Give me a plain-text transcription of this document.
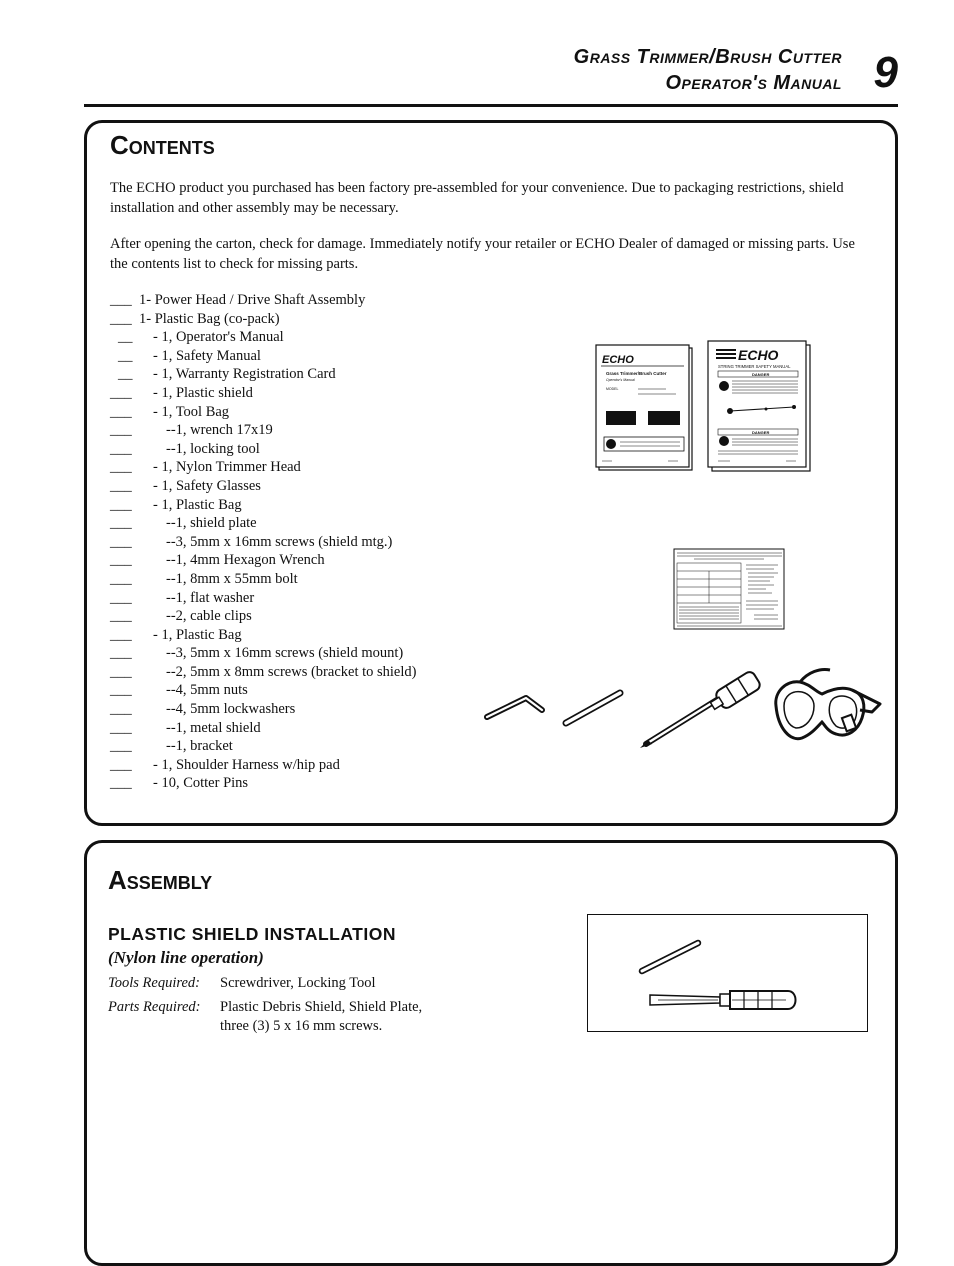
Grass Trimmer/Brush Cutter
Operator's Manual 9
Contents
The ECHO product you purchased has been factory pre-assembled for your convenience. Due to packaging restrictions, shield installation and other assembly may be necessary.
After opening the carton, check for damage. Immediately notify your retailer or ECHO Dealer of damaged or missing parts. Use the contents list to check for missing parts.
___ 1- Power Head / Drive Shaft Assembly
___ 1- Plastic Bag (co-pack)
__ - 1, Operator's Manual
__ - 1, Safety Manual
__ - 1, Warranty Registration Card
___ - 1, Plastic shield
___ - 1, Tool Bag
___ --1, wrench 17x19
___ --1, locking tool
___ - 1, Nylon Trimmer Head
___ - 1, Safety Glasses
___ - 1, Plastic Bag
___ --1, shield plate
___ --3, 5mm x 16mm screws (shield mtg.)
___ --1, 4mm Hexagon Wrench
___ --1, 8mm x 55mm bolt
___ --1, flat washer
___ --2, cable clips
___ - 1, Plastic Bag
___ --3, 5mm x 16mm screws (shield mount)
___ --2, 5mm x 8mm screws (bracket to shield)
___ --4, 5mm nuts
___ --4, 5mm lockwashers
___ --1, metal shield
___ --1, bracket
___ - 1, Shoulder Harness w/hip pad
___ - 10, Cotter Pins
ECHO
Grass Trimmer/Brush Cutter
Operator's Manual
MODEL
ECHO
STRING TRIMMER SAFETY MANUAL
DANGER
DANGER
Assembly
PLASTIC SHIELD INSTALLATION
(Nylon line operation)
Tools Required: Screwdriver, Locking Tool
Parts Required: Plastic Debris Shield, Shield Plate,
three (3) 5 x 16 mm screws.
